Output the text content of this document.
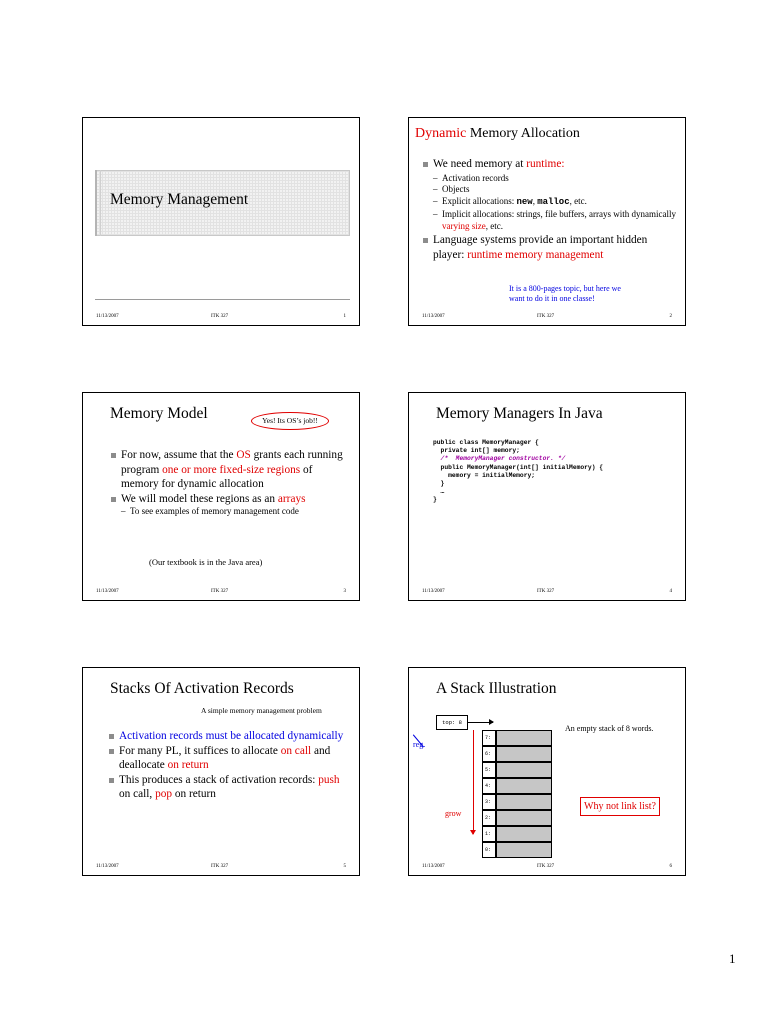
Memory Management
11/13/2007	ITK 327	1
Dynamic Memory Allocation
We need memory at runtime:
– Activation records
– Objects
– Explicit allocations: new, malloc, etc.
– Implicit allocations: strings, file buffers, arrays with dynamically varying size, etc.
Language systems provide an important hidden player: runtime memory management
It is a 800-pages topic, but here we want to do it in one classe!
11/13/2007	ITK 327	2
Memory Model	Yes! Its OS’s job!!
For now, assume that the OS grants each running program one or more fixed-size regions of memory for dynamic allocation
We will model these regions as an arrays
– To see examples of memory management code
(Our textbook is in the Java area)
11/13/2007	ITK 327	3
Memory Managers In Java
public class MemoryManager {
private int[] memory;
/*  MemoryManager constructor. */
public MemoryManager(int[] initialMemory) {
memory = initialMemory;
}
…
}
11/13/2007	ITK 327	4
Stacks Of Activation Records
A simple memory management problem
Activation records must be allocated dynamically
For many PL, it suffices to allocate on call and deallocate on return
This produces a stack of activation records: push on call, pop on return
11/13/2007	ITK 327	5
A Stack Illustration
top: 8
reg.
grow
7:
6:
5:
4:
3:
2:
1:
0:
An empty stack of 8 words.
Why not link list?
11/13/2007	ITK 327	6
1
